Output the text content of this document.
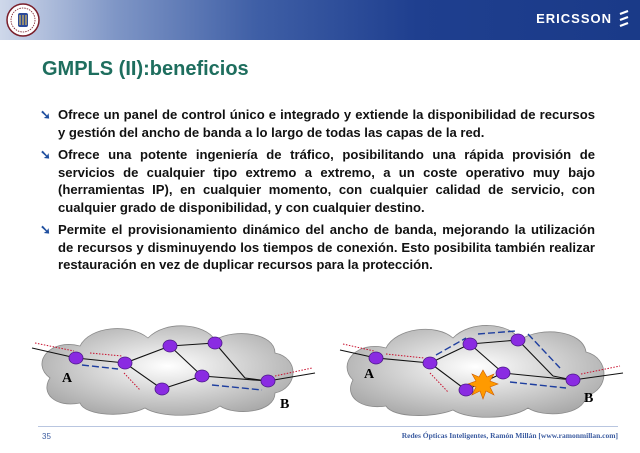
ERICSSON
GMPLS (II):beneficios
➘ Ofrece un panel de control único e integrado y extiende la disponibilidad de recursos y gestión del ancho de banda a lo largo de todas las capas de la red.
➘ Ofrece una potente ingeniería de tráfico, posibilitando una rápida provisión de servicios de cualquier tipo extremo a extremo, a un coste operativo muy bajo (herramientas IP), en cualquier momento, con cualquier calidad de servicio, con cualquier grado de disponibilidad, y con cualquier destino.
➘ Permite el provisionamiento dinámico del ancho de banda, mejorando la utilización de recursos y disminuyendo los tiempos de conexión. Esto posibilita también realizar restauración en vez de duplicar recursos para la protección.
A
B
A
B
35	Redes Ópticas Inteligentes, Ramón Millán [www.ramonmillan.com]
